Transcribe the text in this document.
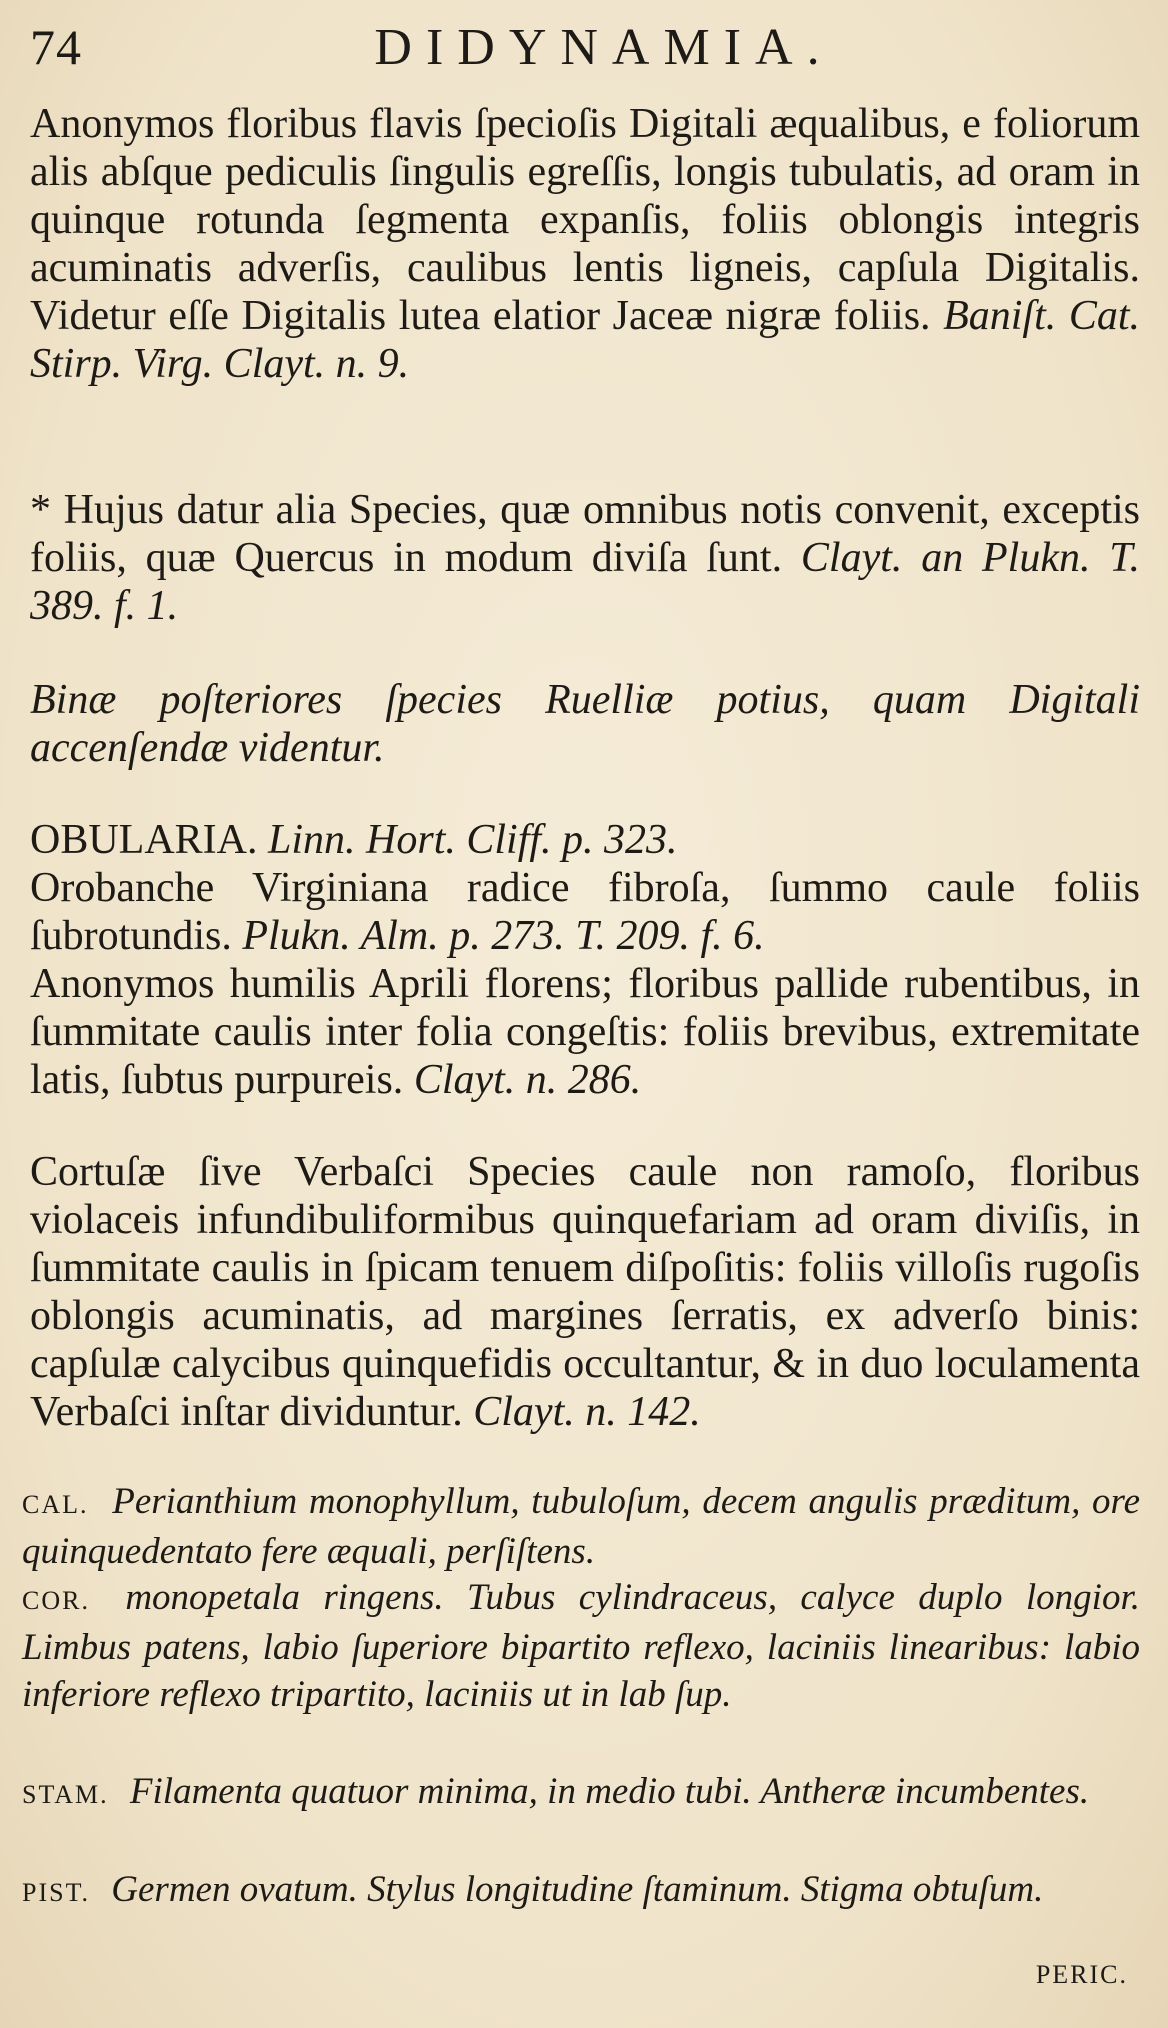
74	DIDYNAMIA.

Anonymos floribus flavis ſpecioſis Digitali æqualibus, e foliorum alis abſque pediculis ſingulis egreſſis, longis tubulatis, ad oram in quinque rotunda ſegmenta expanſis, foliis oblongis integris acuminatis adverſis, caulibus lentis ligneis, capſula Digitalis. Videtur eſſe Digitalis lutea elatior Jaceæ nigræ foliis. Baniſt. Cat. Stirp. Virg. Clayt. n. 9.

* Hujus datur alia Species, quæ omnibus notis convenit, exceptis foliis, quæ Quercus in modum diviſa ſunt. Clayt. an Plukn. T. 389. f. 1.

Binæ poſteriores ſpecies Ruelliæ potius, quam Digitali accenſendæ videntur.

OBULARIA. Linn. Hort. Cliff. p. 323.

Orobanche Virginiana radice fibroſa, ſummo caule foliis ſubrotundis. Plukn. Alm. p. 273. T. 209. f. 6.

Anonymos humilis Aprili florens; floribus pallide rubentibus, in ſummitate caulis inter folia congeſtis: foliis brevibus, extremitate latis, ſubtus purpureis. Clayt. n. 286.

Cortuſæ ſive Verbaſci Species caule non ramoſo, floribus violaceis infundibuliformibus quinquefariam ad oram diviſis, in ſummitate caulis in ſpicam tenuem diſpoſitis: foliis villoſis rugoſis oblongis acuminatis, ad margines ſerratis, ex adverſo binis: capſulæ calycibus quinquefidis occultantur, & in duo loculamenta Verbaſci inſtar dividuntur. Clayt. n. 142.

CAL. Perianthium monophyllum, tubuloſum, decem angulis præditum, ore quinquedentato fere æquali, perſiſtens.

COR. monopetala ringens. Tubus cylindraceus, calyce duplo longior. Limbus patens, labio ſuperiore bipartito reflexo, laciniis linearibus: labio inferiore reflexo tripartito, laciniis ut in lab ſup.

STAM. Filamenta quatuor minima, in medio tubi. Antheræ incumbentes.

PIST. Germen ovatum. Stylus longitudine ſtaminum. Stigma obtuſum.

PERIC.
